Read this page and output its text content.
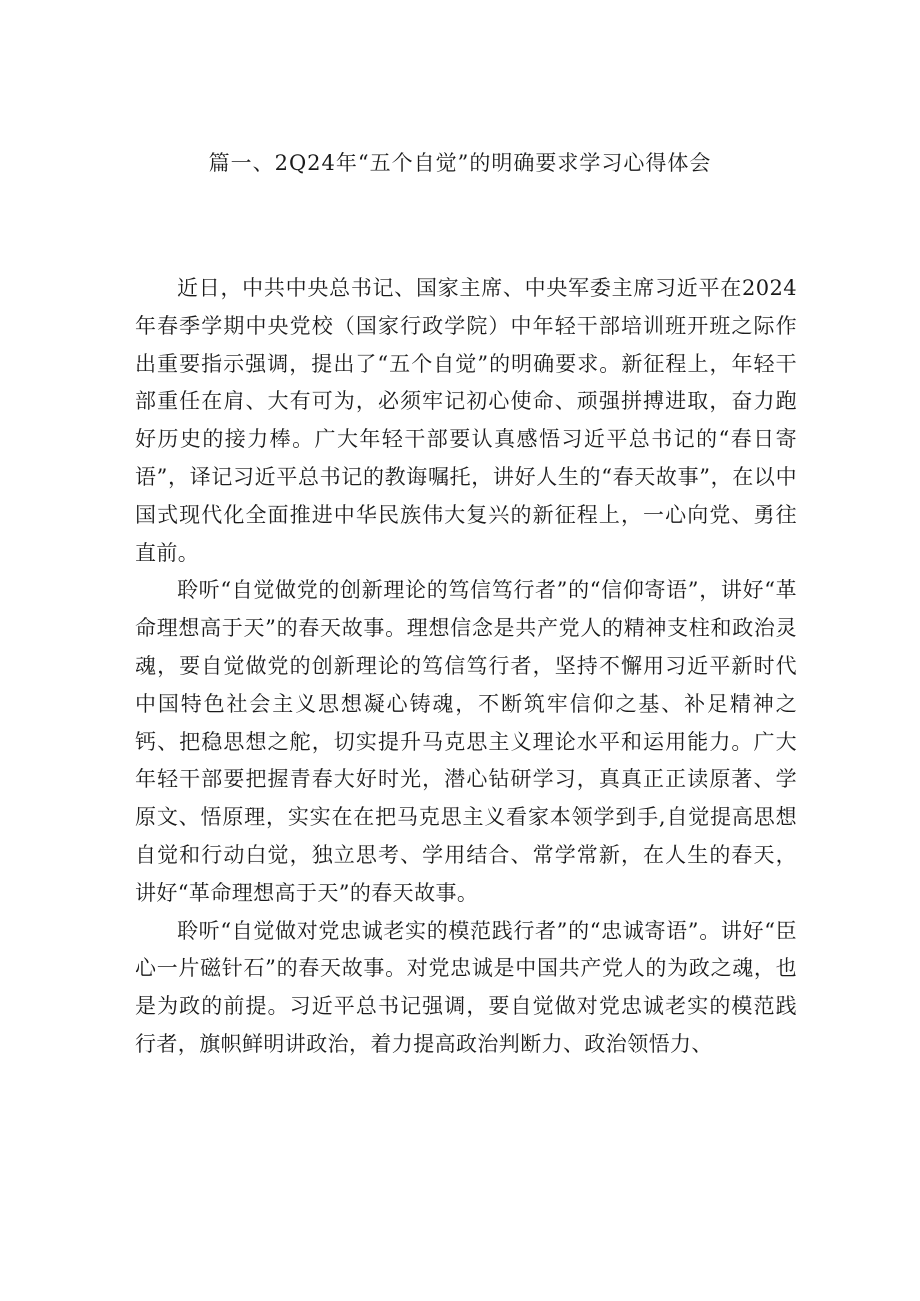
篇一、2Q24年“五个自觉”的明确要求学习心得体会

近日，中共中央总书记、国家主席、中央军委主席习近平在2024年春季学期中央党校（国家行政学院）中年轻干部培训班开班之际作出重要指示强调，提出了“五个自觉”的明确要求。新征程上，年轻干部重任在肩、大有可为，必须牢记初心使命、顽强拼搏进取，奋力跑好历史的接力棒。广大年轻干部要认真感悟习近平总书记的“春日寄语”，译记习近平总书记的教诲嘱托，讲好人生的“春天故事”，在以中国式现代化全面推进中华民族伟大复兴的新征程上，一心向党、勇往直前。

聆听“自觉做党的创新理论的笃信笃行者”的“信仰寄语”，讲好“革命理想高于天”的春天故事。理想信念是共产党人的精神支柱和政治灵魂，要自觉做党的创新理论的笃信笃行者，坚持不懈用习近平新时代中国特色社会主义思想凝心铸魂，不断筑牢信仰之基、补足精神之钙、把稳思想之舵，切实提升马克思主义理论水平和运用能力。广大年轻干部要把握青春大好时光，潜心钻研学习，真真正正读原著、学原文、悟原理，实实在在把马克思主义看家本领学到手,自觉提高思想自觉和行动白觉，独立思考、学用结合、常学常新，在人生的春天，讲好“革命理想高于天”的春天故事。

聆听“自觉做对党忠诚老实的模范践行者”的“忠诚寄语”。讲好“臣心一片磁针石”的春天故事。对党忠诚是中国共产党人的为政之魂，也是为政的前提。习近平总书记强调，要自觉做对党忠诚老实的模范践行者，旗帜鲜明讲政治，着力提高政治判断力、政治领悟力、
